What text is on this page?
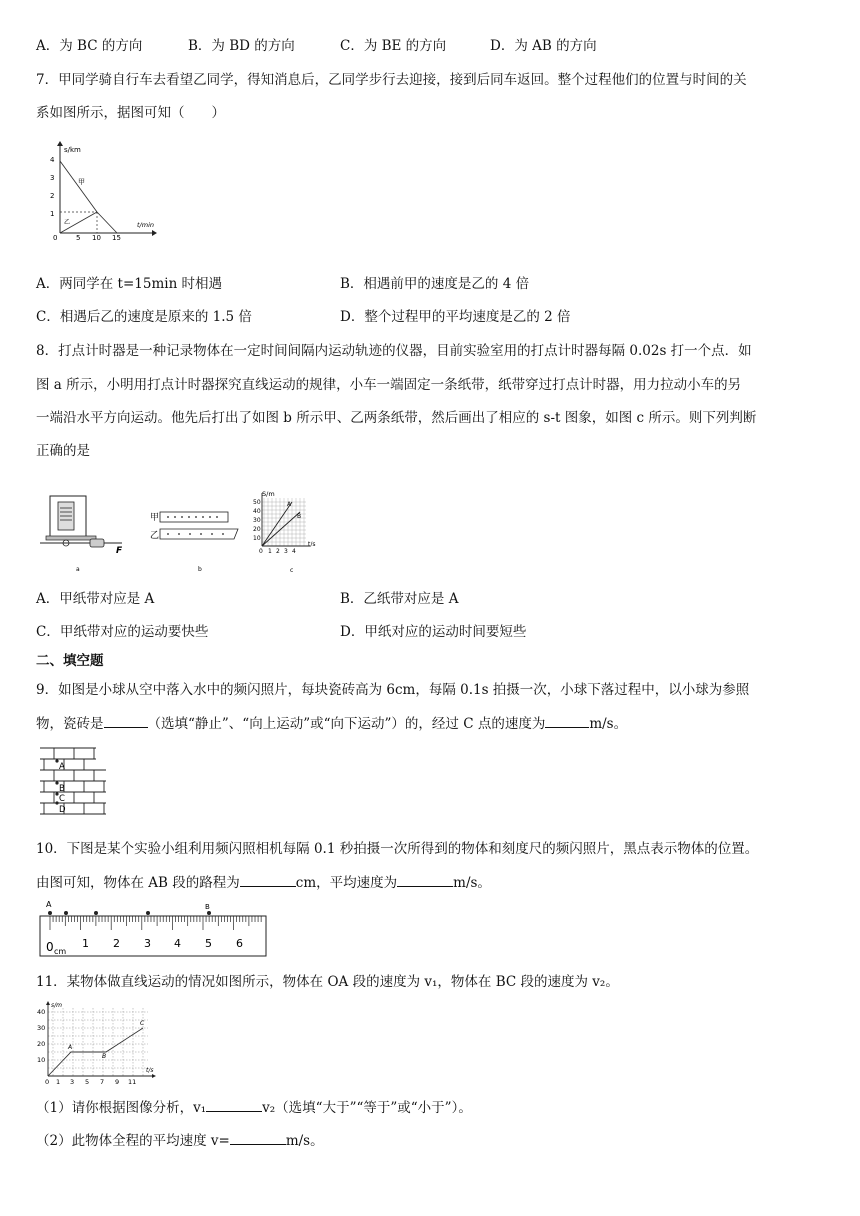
A．为 BC 的方向	B．为 BD 的方向	C．为 BE 的方向	D．为 AB 的方向
7．甲同学骑自行车去看望乙同学，得知消息后，乙同学步行去迎接，接到后同车返回。整个过程他们的位置与时间的关
系如图所示，据图可知（　　）
s/km
t/min
1
2
3
4
0	5 10 15
甲
乙
A．两同学在 t=15min 时相遇	B．相遇前甲的速度是乙的 4 倍
C．相遇后乙的速度是原来的 1.5 倍	D．整个过程甲的平均速度是乙的 2 倍
8．打点计时器是一种记录物体在一定时间间隔内运动轨迹的仪器，目前实验室用的打点计时器每隔 0.02s 打一个点．如
图 a 所示，小明用打点计时器探究直线运动的规律，小车一端固定一条纸带，纸带穿过打点计时器，用力拉动小车的另
一端沿水平方向运动。他先后打出了如图 b 所示甲、乙两条纸带，然后画出了相应的 s-t 图象，如图 c 所示。则下列判断
正确的是
F
a
甲
乙
b
S/m
t/s
10
20
30
40
50
0 1 2 3 4
A
B
c
A．甲纸带对应是 A	B．乙纸带对应是 A
C．甲纸带对应的运动要快些	D．甲纸对应的运动时间要短些
二、填空题
9．如图是小球从空中落入水中的频闪照片，每块瓷砖高为 6cm，每隔 0.1s 拍摄一次，小球下落过程中，以小球为参照
物，瓷砖是	（选填“静止”、“向上运动”或“向下运动”）的，经过 C 点的速度为	m/s。
A
B
C
D
10．下图是某个实验小组利用频闪照相机每隔 0.1 秒拍摄一次所得到的物体和刻度尺的频闪照片，黑点表示物体的位置。
由图可知，物体在 AB 段的路程为	cm，平均速度为	m/s。
A	B
0 cm
1 2 3 4 5 6
11．某物体做直线运动的情况如图所示，物体在 OA 段的速度为 v₁，物体在 BC 段的速度为 v₂。
s/m
t/s
10
20
30
40
0 1 3 5 7 9 11
A
B
C
（1）请你根据图像分析，v₁	v₂（选填“大于”“等于”或“小于”）。
（2）此物体全程的平均速度 v=	m/s。
